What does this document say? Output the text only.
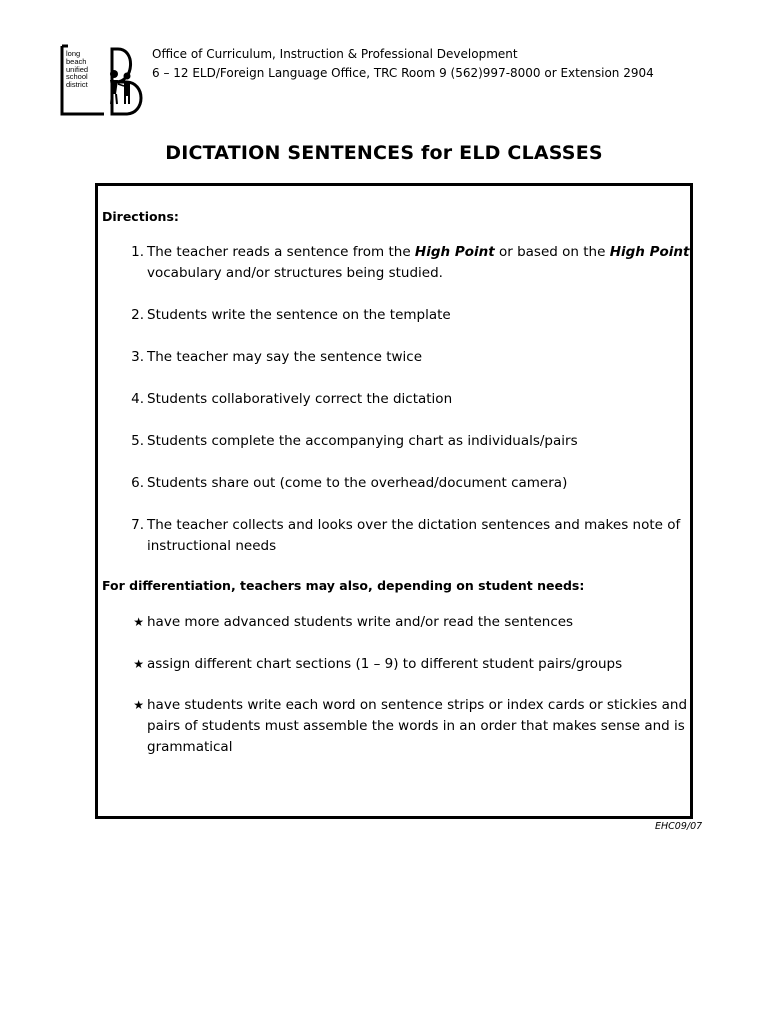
long
beach
unified
school
district
Office of Curriculum, Instruction & Professional Development
6 – 12 ELD/Foreign Language Office, TRC Room 9 (562)997-8000 or Extension 2904
DICTATION SENTENCES for ELD CLASSES
Directions:
1. The teacher reads a sentence from the High Point or based on the High Point vocabulary and/or structures being studied.
2. Students write the sentence on the template
3. The teacher may say the sentence twice
4. Students collaboratively correct the dictation
5. Students complete the accompanying chart as individuals/pairs
6. Students share out (come to the overhead/document camera)
7. The teacher collects and looks over the dictation sentences and makes note of instructional needs
For differentiation, teachers may also, depending on student needs:
★ have more advanced students write and/or read the sentences
★ assign different chart sections (1 – 9) to different student pairs/groups
★ have students write each word on sentence strips or index cards or stickies and pairs of students must assemble the words in an order that makes sense and is grammatical
EHC09/07
